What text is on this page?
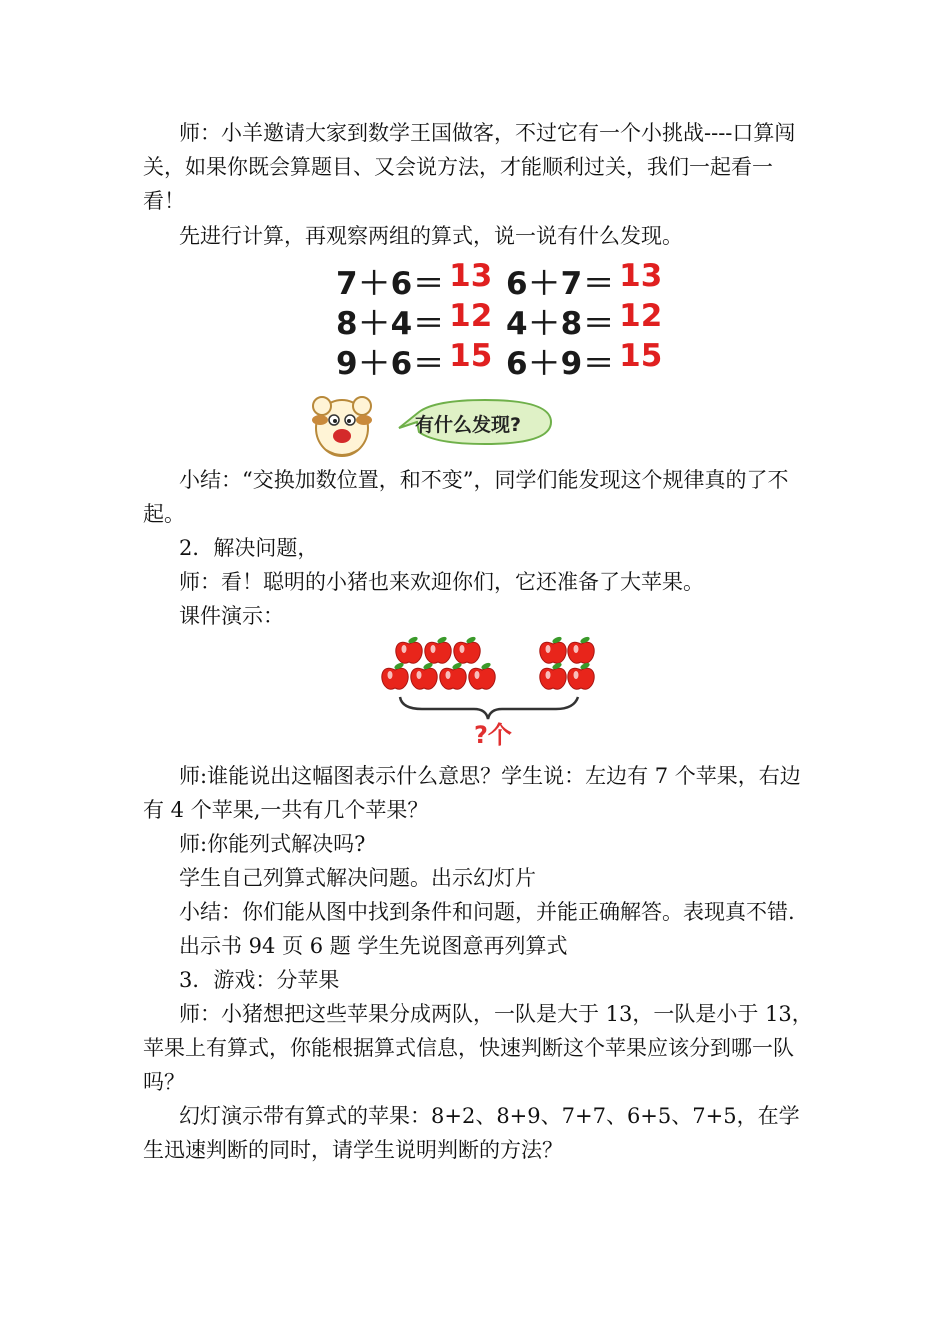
师：小羊邀请大家到数学王国做客，不过它有一个小挑战----口算闯关，如果你既会算题目、又会说方法，才能顺利过关，我们一起看一看！
先进行计算，再观察两组的算式，说一说有什么发现。
7＋6＝ 13 6＋7＝ 13
8＋4＝ 12 4＋8＝ 12
9＋6＝ 15 6＋9＝ 15
有什么发现?
小结：“交换加数位置，和不变”，同学们能发现这个规律真的了不起。
2．解决问题，
师：看！聪明的小猪也来欢迎你们，它还准备了大苹果。
课件演示：
?个
师:谁能说出这幅图表示什么意思？学生说：左边有 7 个苹果，右边有 4 个苹果,一共有几个苹果？
师:你能列式解决吗?
学生自己列算式解决问题。出示幻灯片
小结：你们能从图中找到条件和问题，并能正确解答。表现真不错.
出示书 94 页 6 题 学生先说图意再列算式
3．游戏：分苹果
师：小猪想把这些苹果分成两队，一队是大于 13，一队是小于 13，苹果上有算式，你能根据算式信息，快速判断这个苹果应该分到哪一队吗？
幻灯演示带有算式的苹果：8+2、8+9、7+7、6+5、7+5，在学生迅速判断的同时，请学生说明判断的方法？
